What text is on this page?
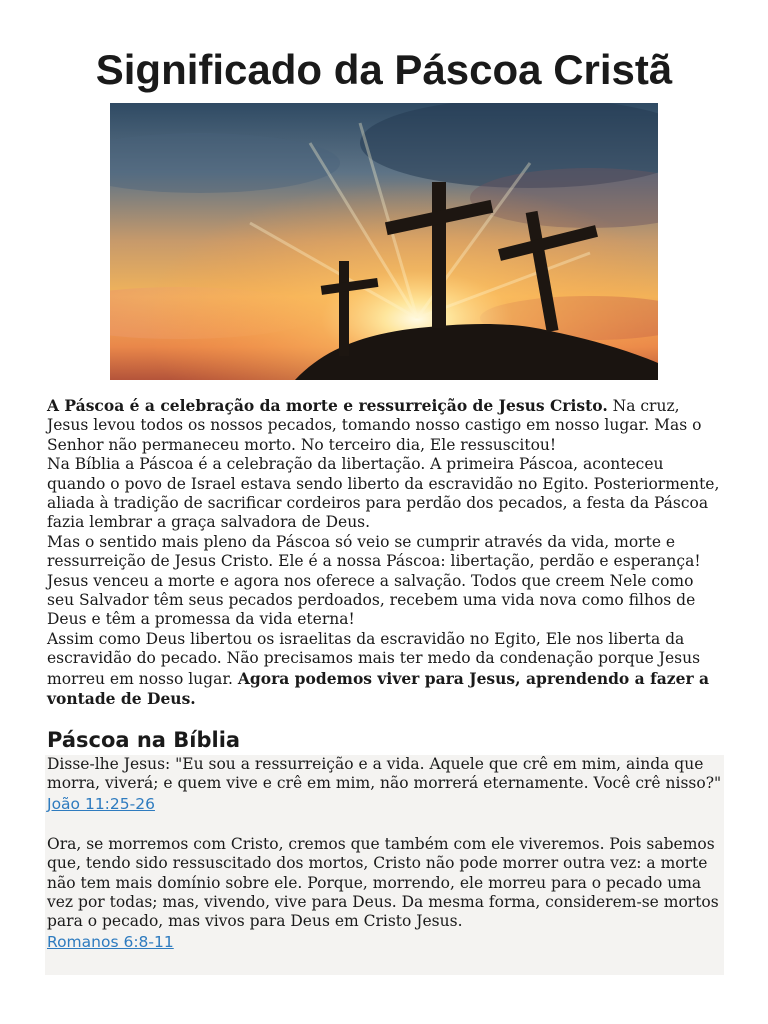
Significado da Páscoa Cristã

A Páscoa é a celebração da morte e ressurreição de Jesus Cristo. Na cruz, Jesus levou todos os nossos pecados, tomando nosso castigo em nosso lugar. Mas o Senhor não permaneceu morto. No terceiro dia, Ele ressuscitou!

Na Bíblia a Páscoa é a celebração da libertação. A primeira Páscoa, aconteceu quando o povo de Israel estava sendo liberto da escravidão no Egito. Posteriormente, aliada à tradição de sacrificar cordeiros para perdão dos pecados, a festa da Páscoa fazia lembrar a graça salvadora de Deus.

Mas o sentido mais pleno da Páscoa só veio se cumprir através da vida, morte e ressurreição de Jesus Cristo. Ele é a nossa Páscoa: libertação, perdão e esperança! Jesus venceu a morte e agora nos oferece a salvação. Todos que creem Nele como seu Salvador têm seus pecados perdoados, recebem uma vida nova como filhos de Deus e têm a promessa da vida eterna!

Assim como Deus libertou os israelitas da escravidão no Egito, Ele nos liberta da escravidão do pecado. Não precisamos mais ter medo da condenação porque Jesus morreu em nosso lugar. Agora podemos viver para Jesus, aprendendo a fazer a vontade de Deus.

Páscoa na Bíblia

Disse-lhe Jesus: "Eu sou a ressurreição e a vida. Aquele que crê em mim, ainda que morra, viverá; e quem vive e crê em mim, não morrerá eternamente. Você crê nisso?"

João 11:25-26

Ora, se morremos com Cristo, cremos que também com ele viveremos. Pois sabemos que, tendo sido ressuscitado dos mortos, Cristo não pode morrer outra vez: a morte não tem mais domínio sobre ele. Porque, morrendo, ele morreu para o pecado uma vez por todas; mas, vivendo, vive para Deus. Da mesma forma, considerem-se mortos para o pecado, mas vivos para Deus em Cristo Jesus.

Romanos 6:8-11
